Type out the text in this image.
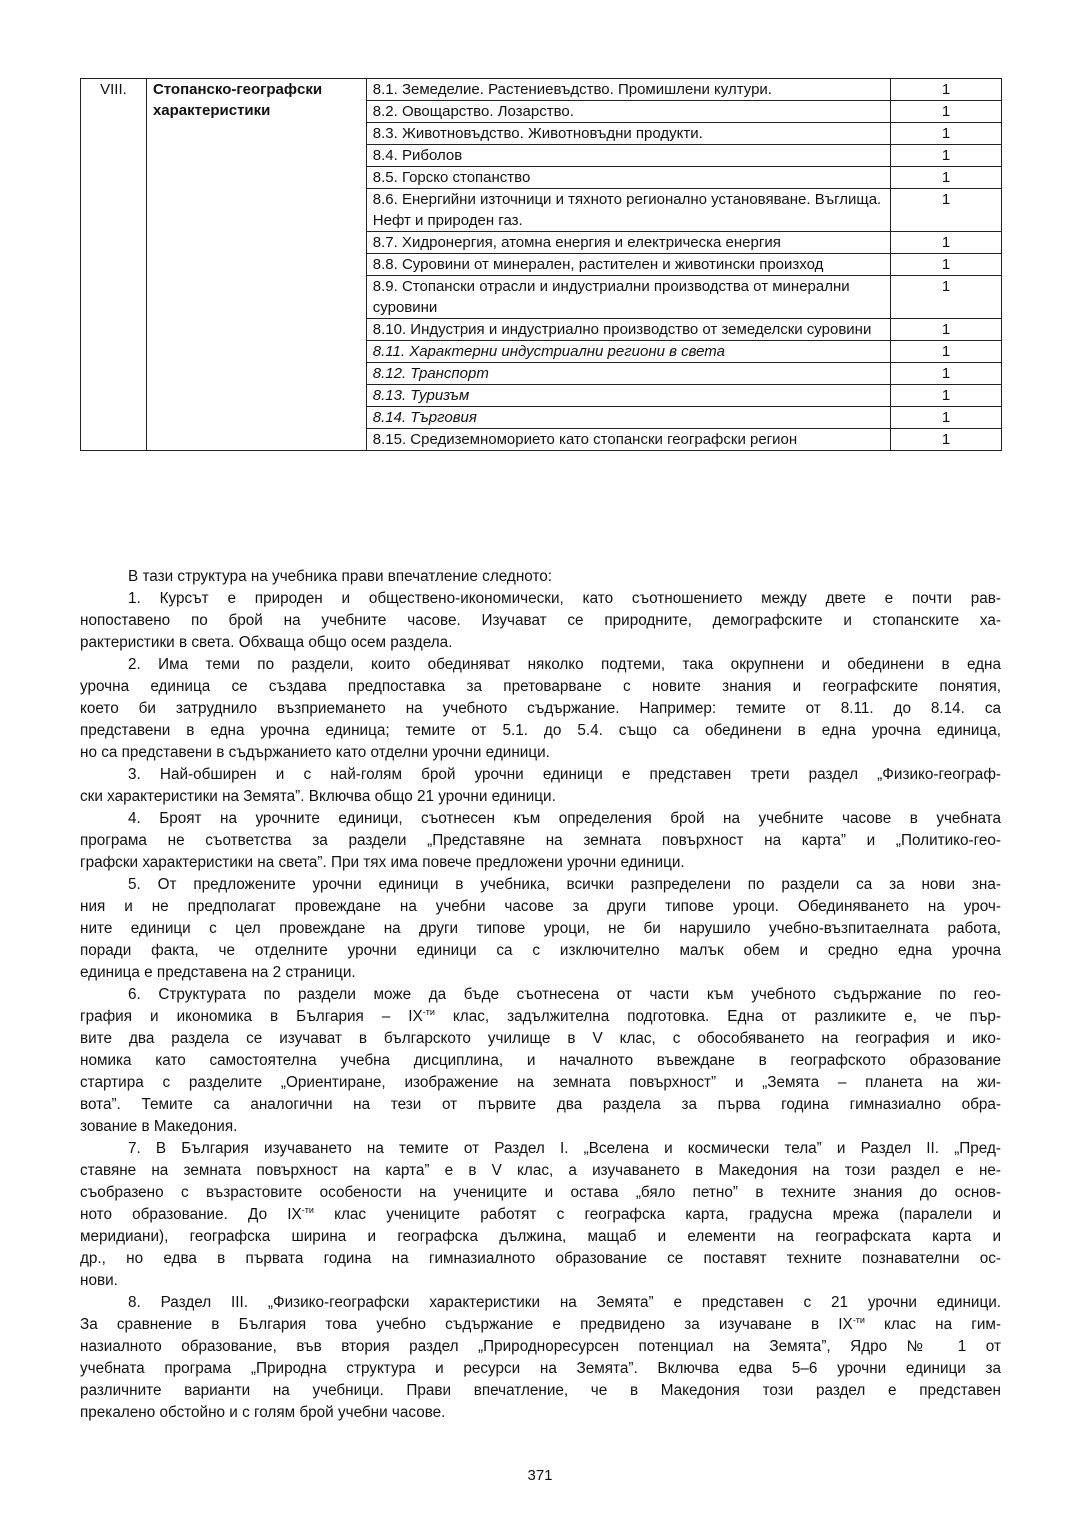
VIII.	Стопанско-географски характеристики	8.1. Земеделие. Растениевъдство. Промишлени култури.	1
		8.2. Овощарство. Лозарство.	1
		8.3. Животновъдство. Животновъдни продукти.	1
		8.4. Риболов	1
		8.5. Горско стопанство	1
		8.6. Енергийни източници и тяхното регионално установяване. Въглища. Нефт и природен газ.	1
		8.7. Хидронергия, атомна енергия и електрическа енергия	1
		8.8. Суровини от минерален, растителен и животински произход	1
		8.9. Стопански отрасли и индустриални производства от минерални суровини	1
		8.10. Индустрия и индустриално производство от земеделски суровини	1
		8.11. Характерни индустриални региони в света	1
		8.12. Транспорт	1
		8.13. Туризъм	1
		8.14. Търговия	1
		8.15. Средиземноморието като стопански географски регион	1
В тази структура на учебника прави впечатление следното:
1. Курсът е природен и обществено-икономически, като съотношението между двете е почти рав-
нопоставено по брой на учебните часове. Изучават се природните, демографските и стопанските ха-
рактеристики в света. Обхваща общо осем раздела.
2. Има теми по раздели, които обединяват няколко подтеми, така окрупнени и обединени в една
урочна единица се създава предпоставка за претоварване с новите знания и географските понятия,
което би затруднило възприемането на учебното съдържание. Например: темите от 8.11. до 8.14. са
представени в една урочна единица; темите от 5.1. до 5.4. също са обединени в една урочна единица,
но са представени в съдържанието като отделни урочни единици.
3. Най-обширен и с най-голям брой урочни единици е представен трети раздел „Физико-географ-
ски характеристики на Земята”. Включва общо 21 урочни единици.
4. Броят на урочните единици, съотнесен към определения брой на учебните часове в учебната
програма не съответства за раздели „Представяне на земната повърхност на карта” и „Политико-гео-
графски характеристики на света”. При тях има повече предложени урочни единици.
5. От предложените урочни единици в учебника, всички разпределени по раздели са за нови зна-
ния и не предполагат провеждане на учебни часове за други типове уроци. Обединяването на уроч-
ните единици с цел провеждане на други типове уроци, не би нарушило учебно-възпитаелната работа,
поради факта, че отделните урочни единици са с изключително малък обем и средно една урочна
единица е представена на 2 страници.
6. Структурата по раздели може да бъде съотнесена от части към учебното съдържание по гео-
графия и икономика в България – $IX^{-ти}$ клас, задължителна подготовка. Една от разликите е, че пър-
вите два раздела се изучават в българското училище в V клас, с обособяването на география и ико-
номика като самостоятелна учебна дисциплина, и началното въвеждане в географското образование
стартира с разделите „Ориентиране, изображение на земната повърхност” и „Земята – планета на жи-
вота”. Темите са аналогични на тези от първите два раздела за първа година гимназиално обра-
зование в Македония.
7. В България изучаването на темите от Раздел I. „Вселена и космически тела” и Раздел II. „Пред-
ставяне на земната повърхност на карта” е в V клас, а изучаването в Македония на този раздел е не-
съобразено с възрастовите особености на учениците и остава „бяло петно” в техните знания до основ-
ното образование. До $IX^{-ти}$ клас учениците работят с географска карта, градусна мрежа (паралели и
меридиани), географска ширина и географска дължина, мащаб и елементи на географската карта и
др., но едва в първата година на гимназиалното образование се поставят техните познавателни ос-
нови.
8. Раздел III. „Физико-географски характеристики на Земята” е представен с 21 урочни единици.
За сравнение в България това учебно съдържание е предвидено за изучаване в $IX^{-ти}$ клас на гим-
назиалното образование, във втория раздел „Природноресурсен потенциал на Земята”, Ядро № 1 от
учебната програма „Природна структура и ресурси на Земята”. Включва едва 5–6 урочни единици за
различните варианти на учебници. Прави впечатление, че в Македония този раздел е представен
прекалено обстойно и с голям брой учебни часове.
371
